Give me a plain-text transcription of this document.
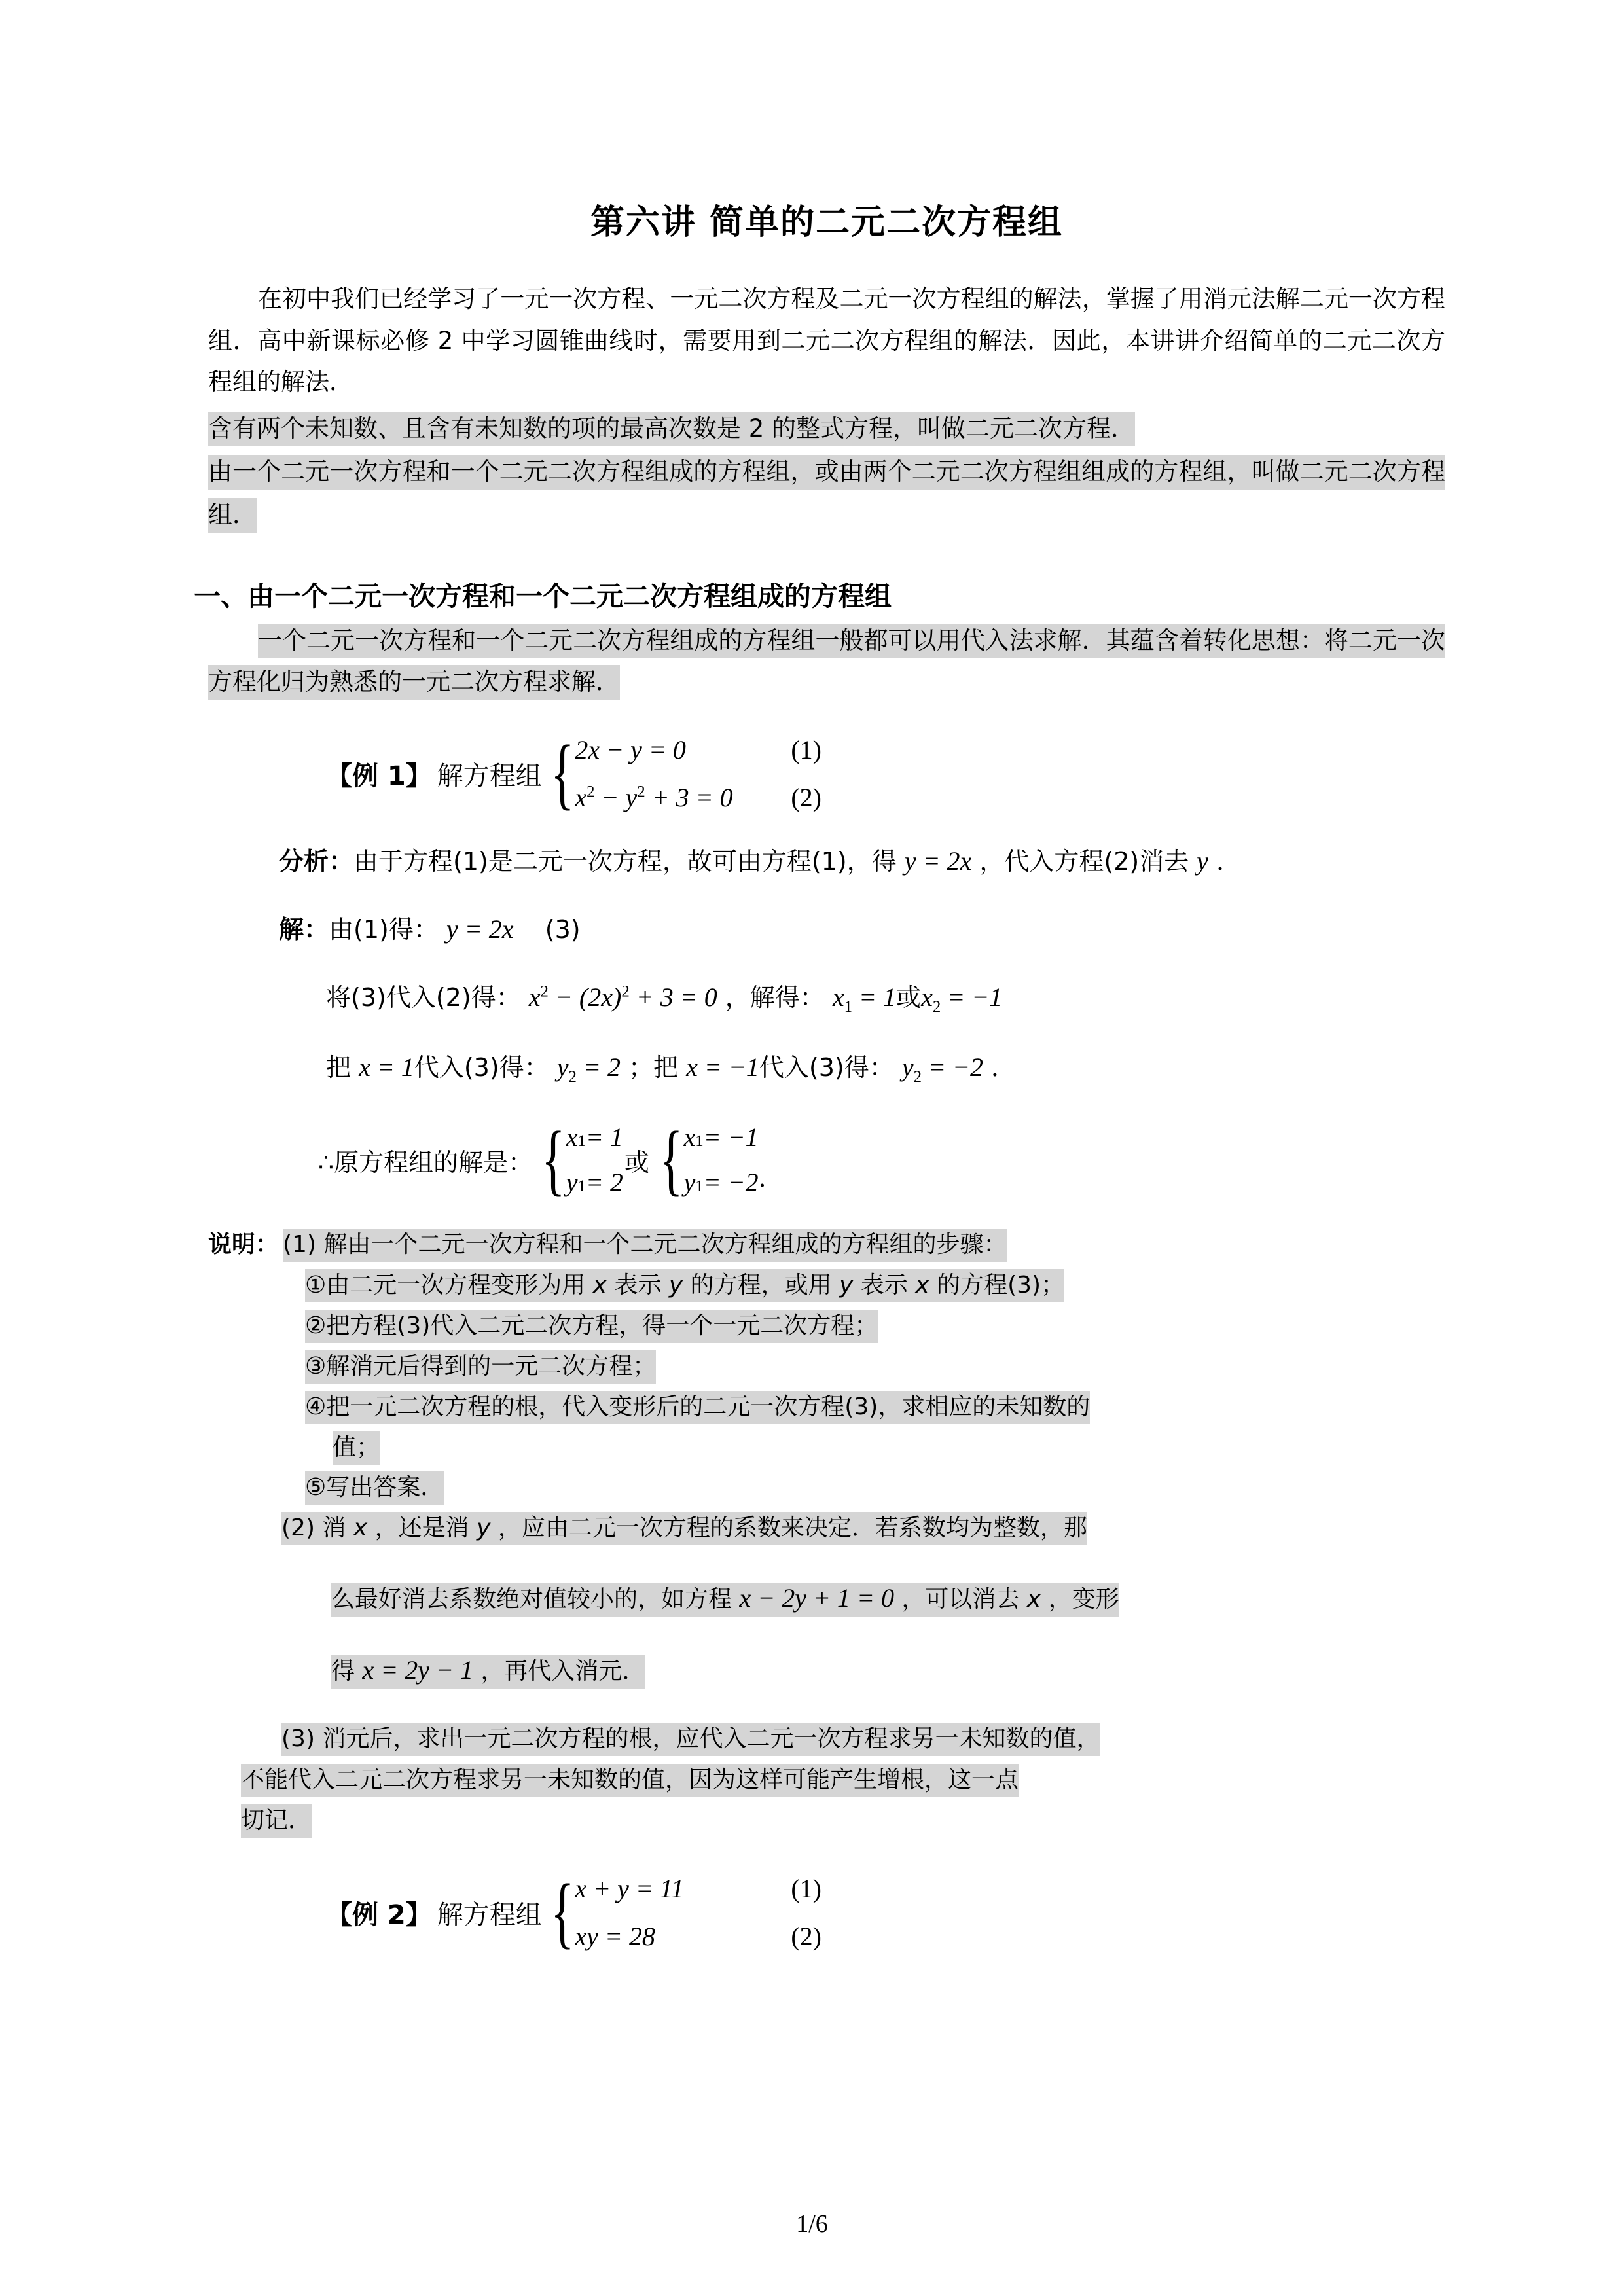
第六讲 简单的二元二次方程组

在初中我们已经学习了一元一次方程、一元二次方程及二元一次方程组的解法，掌握了用消元法解二元一次方程组．高中新课标必修 2 中学习圆锥曲线时，需要用到二元二次方程组的解法．因此，本讲讲介绍简单的二元二次方程组的解法．

含有两个未知数、且含有未知数的项的最高次数是 2 的整式方程，叫做二元二次方程．

由一个二元一次方程和一个二元二次方程组成的方程组，或由两个二元二次方程组组成的方程组，叫做二元二次方程组．

一、由一个二元一次方程和一个二元二次方程组成的方程组

一个二元一次方程和一个二元二次方程组成的方程组一般都可以用代入法求解．其蕴含着转化思想：将二元一次方程化归为熟悉的一元二次方程求解．

【例 1】 解方程组 { 2x − y = 0	(1)
$x^2 - y^2 + 3 = 0$	(2)
分析：由于方程(1)是二元一次方程，故可由方程(1)，得 y = 2x ，代入方程(2)消去 y ．
解：由(1)得： y = 2x    (3)
将(3)代入(2)得： $x^2 - (2x)^2 + 3 = 0$ ，解得： $x_1 = 1$或$x_2 = -1$
把 x = 1代入(3)得： $y_2 = 2$ ；把 x = −1代入(3)得： $y_2 = -2$ ．
∴原方程组的解是： { x 1 = 1
y 1 = 2
或 { x 1 = −1
y 1 = −2 ．
说明： (1) 解由一个二元一次方程和一个二元二次方程组成的方程组的步骤：
①由二元一次方程变形为用 x 表示 y 的方程，或用 y 表示 x 的方程(3)；
②把方程(3)代入二元二次方程，得一个一元二次方程；
③解消元后得到的一元二次方程；
④把一元二次方程的根，代入变形后的二元一次方程(3)，求相应的未知数的
值；
⑤写出答案．
(2) 消 x ，还是消 y ，应由二元一次方程的系数来决定．若系数均为整数，那
么最好消去系数绝对值较小的，如方程 x − 2y + 1 = 0 ，可以消去 x ，变形
得 x = 2y − 1 ，再代入消元．
(3) 消元后，求出一元二次方程的根，应代入二元一次方程求另一未知数的值，
不能代入二元二次方程求另一未知数的值，因为这样可能产生增根，这一点
切记．
【例 2】 解方程组 { x + y = 11	(1)
xy = 28	(2)
1/6
